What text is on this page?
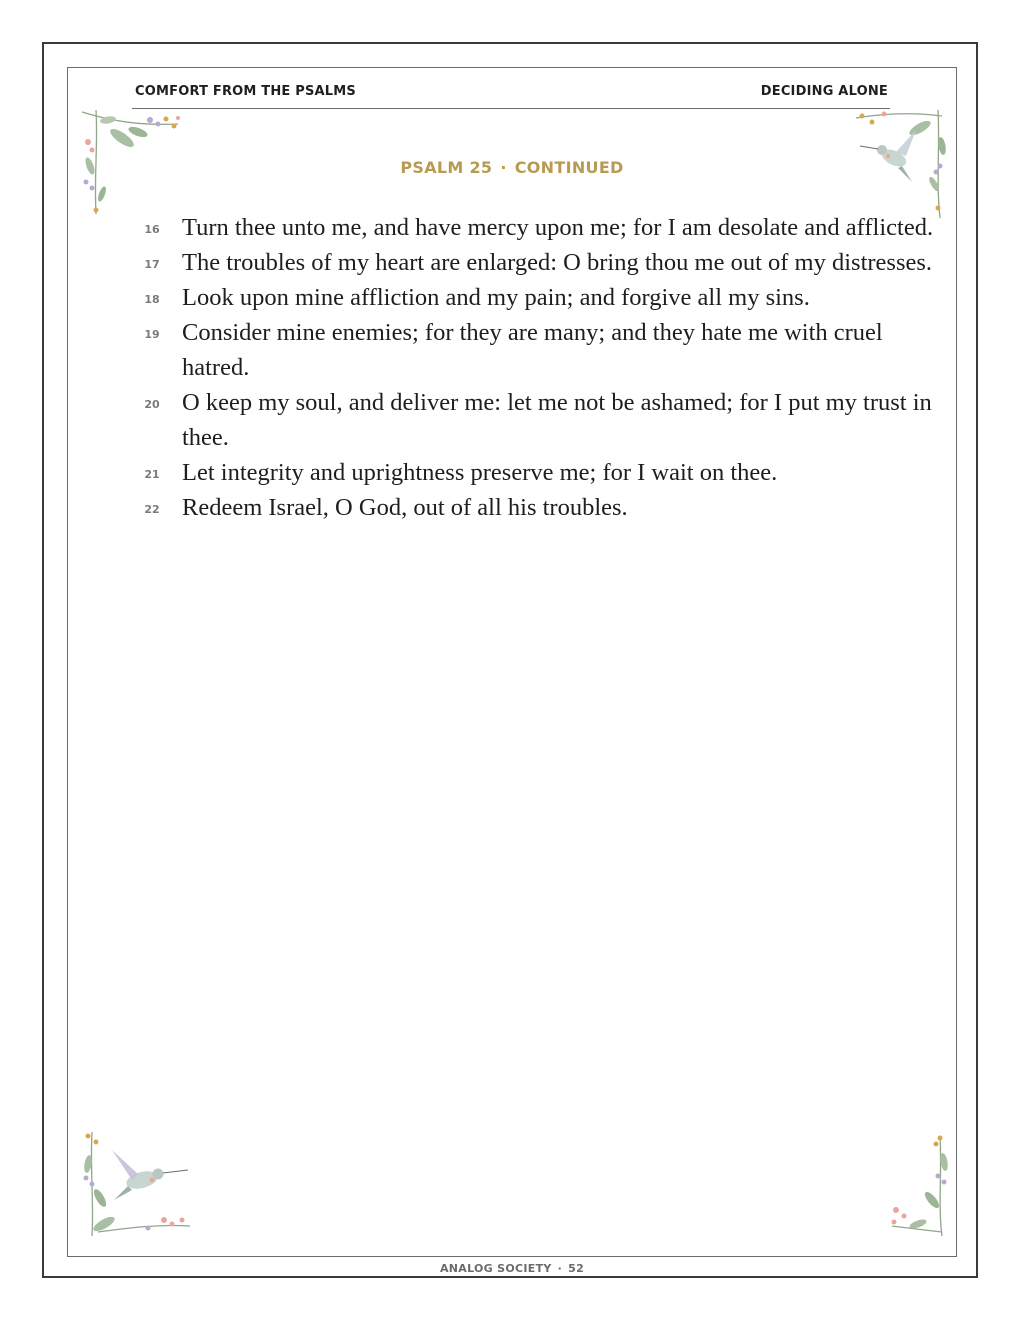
COMFORT FROM THE PSALMS	DECIDING ALONE
PSALM 25 · CONTINUED
16 Turn thee unto me, and have mercy upon me; for I am desolate and afflicted.
17 The troubles of my heart are enlarged: O bring thou me out of my distresses.
18 Look upon mine affliction and my pain; and forgive all my sins.
19 Consider mine enemies; for they are many; and they hate me with cruel hatred.
20 O keep my soul, and deliver me: let me not be ashamed; for I put my trust in thee.
21 Let integrity and uprightness preserve me; for I wait on thee.
22 Redeem Israel, O God, out of all his troubles.
ANALOG SOCIETY · 52
